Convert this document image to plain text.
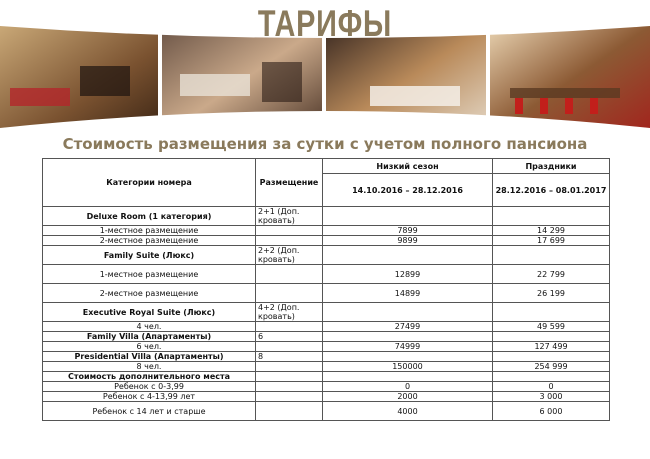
ТАРИФЫ
Стоимость размещения за сутки с учетом полного пансиона
Категории номера	Размещение	Низкий сезон	Праздники
		14.10.2016 – 28.12.2016	28.12.2016 – 08.01.2017
Deluxe Room (1 категория)	2+1 (Доп. кровать)		
1-местное размещение		7899	14 299
2-местное размещение		9899	17 699
Family Suite (Люкс)	2+2 (Доп. кровать)		
1-местное размещение		12899	22 799
2-местное размещение		14899	26 199
Executive Royal Suite (Люкс)	4+2 (Доп. кровать)		
4 чел.		27499	49 599
Family Villa (Апартаменты)	6		
6 чел.		74999	127 499
Presidential Villa (Апартаменты)	8		
8 чел.		150000	254 999
Стоимость дополнительного места			
Ребенок с 0-3,99		0	0
Ребенок с 4-13,99 лет		2000	3 000
Ребенок с 14 лет и старше		4000	6 000
